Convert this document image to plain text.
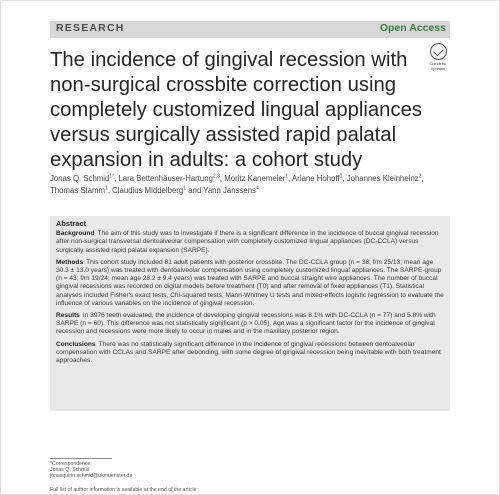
RESEARCH	Open Access
The incidence of gingival recession with non-surgical crossbite correction using completely customized lingual appliances versus surgically assisted rapid palatal expansion in adults: a cohort study
Check for
updates

Jonas Q. Schmid$^{1*}$, Lara Bettenhäuser-Hartung$^{2,3}$, Moritz Kanemeier$^1$, Ariane Hohoff$^1$, Johannes Kleinheinz$^2$, Thomas Stamm$^1$, Claudius Middelberg$^1$ and Yann Janssens$^4$

Abstract

Background The aim of this study was to investigate if there is a significant difference in the incidence of buccal gingival recession after non-surgical transversal dentoalveolar compensation with completely customized lingual appliances (DC-CCLA) versus surgically assisted rapid palatal expansion (SARPE).

Methods This cohort study included 81 adult patients with posterior crossbite. The DC-CCLA group (n = 38; f/m 25/13; mean age 30.3 ± 13.0 years) was treated with dentoalveolar compensation using completely customized lingual appliances. The SARPE-group (n = 43; f/m 19/24; mean age 28.2 ± 9.4 years) was treated with SARPE and buccal straight wire appliances. The number of buccal gingival recessions was recorded on digital models before treatment (T0) and after removal of fixed appliances (T1). Statistical analyses included Fisher's exact tests, Chi-squared tests, Mann-Whitney U tests and mixed-effects logistic regression to evaluate the influence of various variables on the incidence of gingival recession.

Results In 3976 teeth evaluated, the incidence of developing gingival recessions was 8.1% with DC-CCLA (n = 77) and 5.8% with SARPE (n = 60). This difference was not statistically significant (p > 0.05). Age was a significant factor for the incidence of gingival recession and recessions were more likely to occur in males and in the maxillary posterior region.

Conclusions There was no statistically significant difference in the incidence of gingival recessions between dentoalveolar compensation with CCLAs and SARPE after debonding, with some degree of gingival recession being inevitable with both treatment approaches.

*Correspondence:
Jonas Q. Schmid
jonasquirin.schmid@ukmuenster.de
Full list of author information is available at the end of the article
